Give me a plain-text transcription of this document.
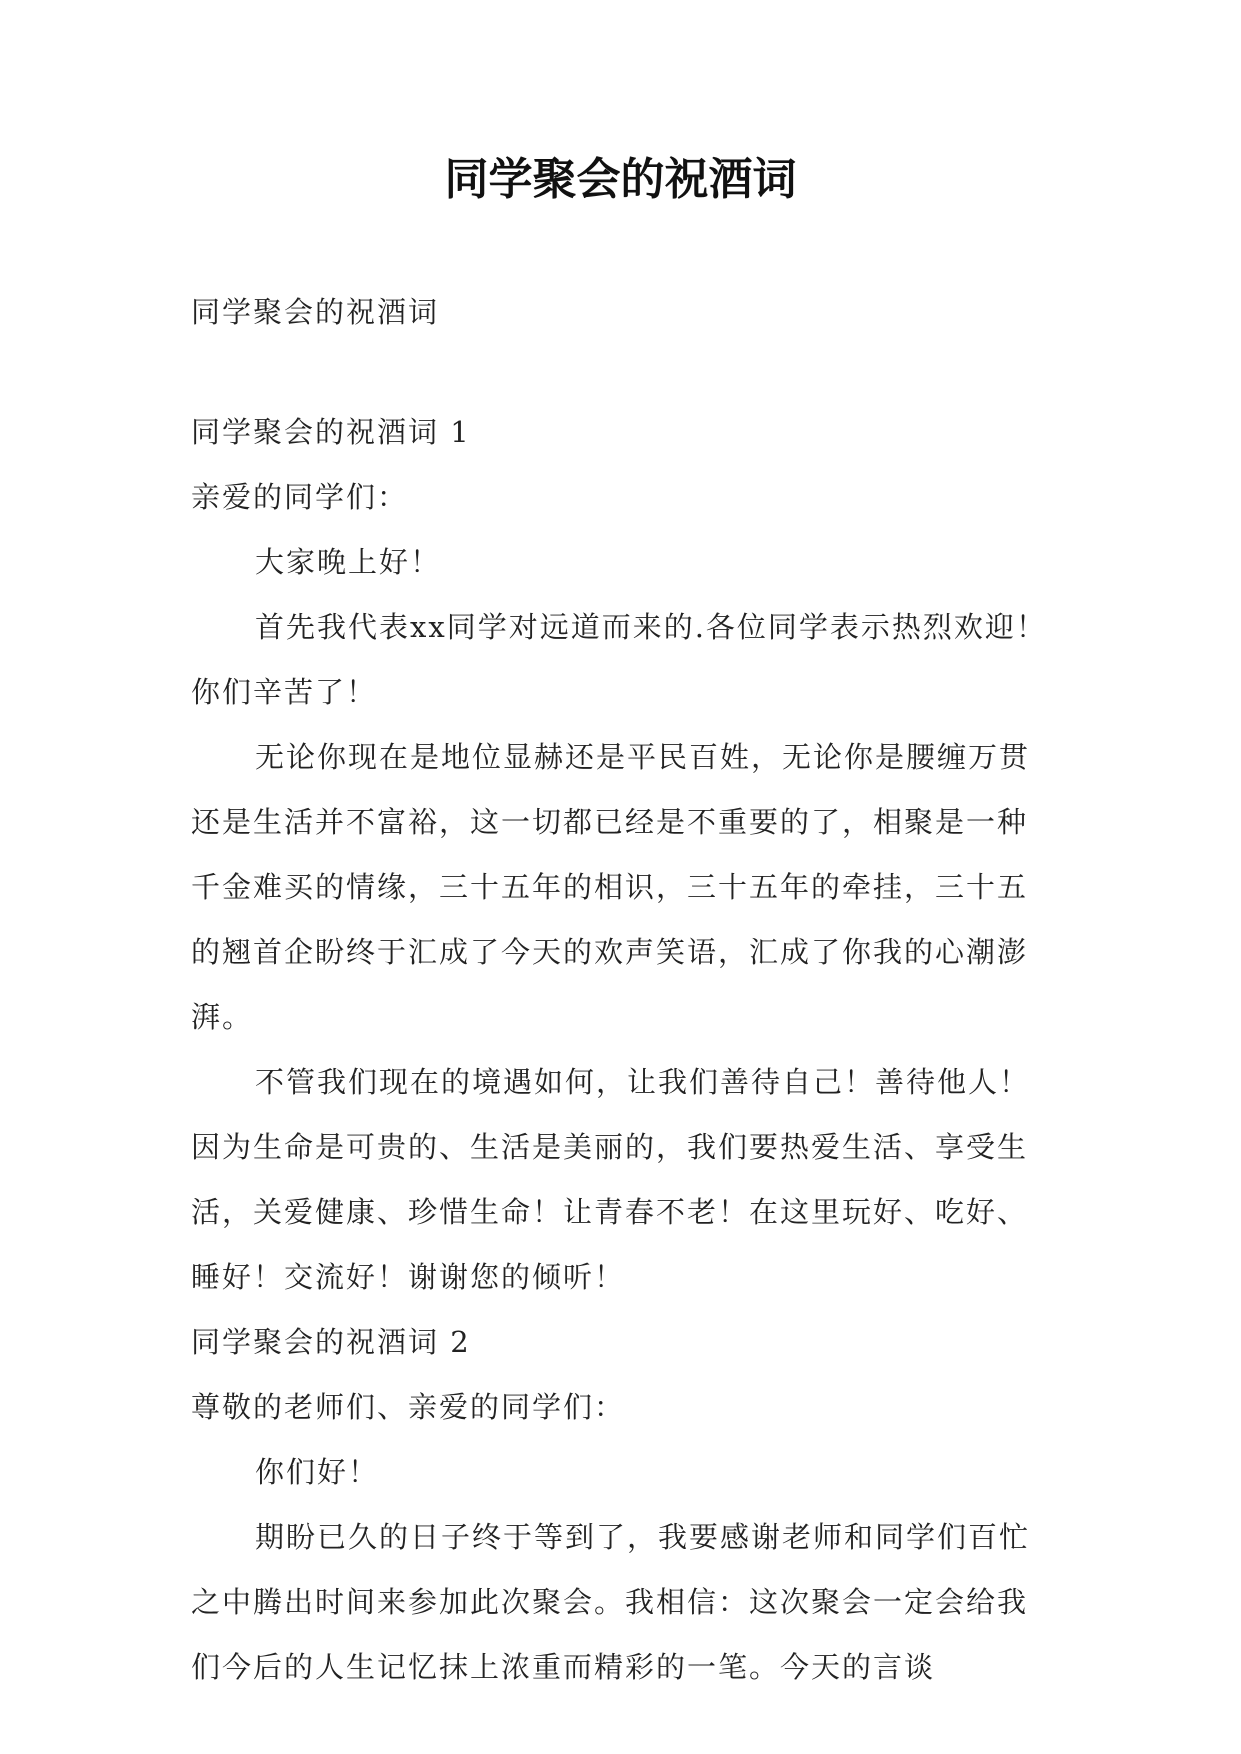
同学聚会的祝酒词

同学聚会的祝酒词

同学聚会的祝酒词 1

亲爱的同学们：

大家晚上好！

首先我代表xx同学对远道而来的.各位同学表示热烈欢迎！你们辛苦了！

无论你现在是地位显赫还是平民百姓，无论你是腰缠万贯还是生活并不富裕，这一切都已经是不重要的了，相聚是一种千金难买的情缘，三十五年的相识，三十五年的牵挂，三十五的翘首企盼终于汇成了今天的欢声笑语，汇成了你我的心潮澎湃。

不管我们现在的境遇如何，让我们善待自己！善待他人！因为生命是可贵的、生活是美丽的，我们要热爱生活、享受生活，关爱健康、珍惜生命！让青春不老！在这里玩好、吃好、睡好！交流好！谢谢您的倾听！

同学聚会的祝酒词 2

尊敬的老师们、亲爱的同学们：

你们好！

期盼已久的日子终于等到了，我要感谢老师和同学们百忙之中腾出时间来参加此次聚会。我相信：这次聚会一定会给我们今后的人生记忆抹上浓重而精彩的一笔。今天的言谈
